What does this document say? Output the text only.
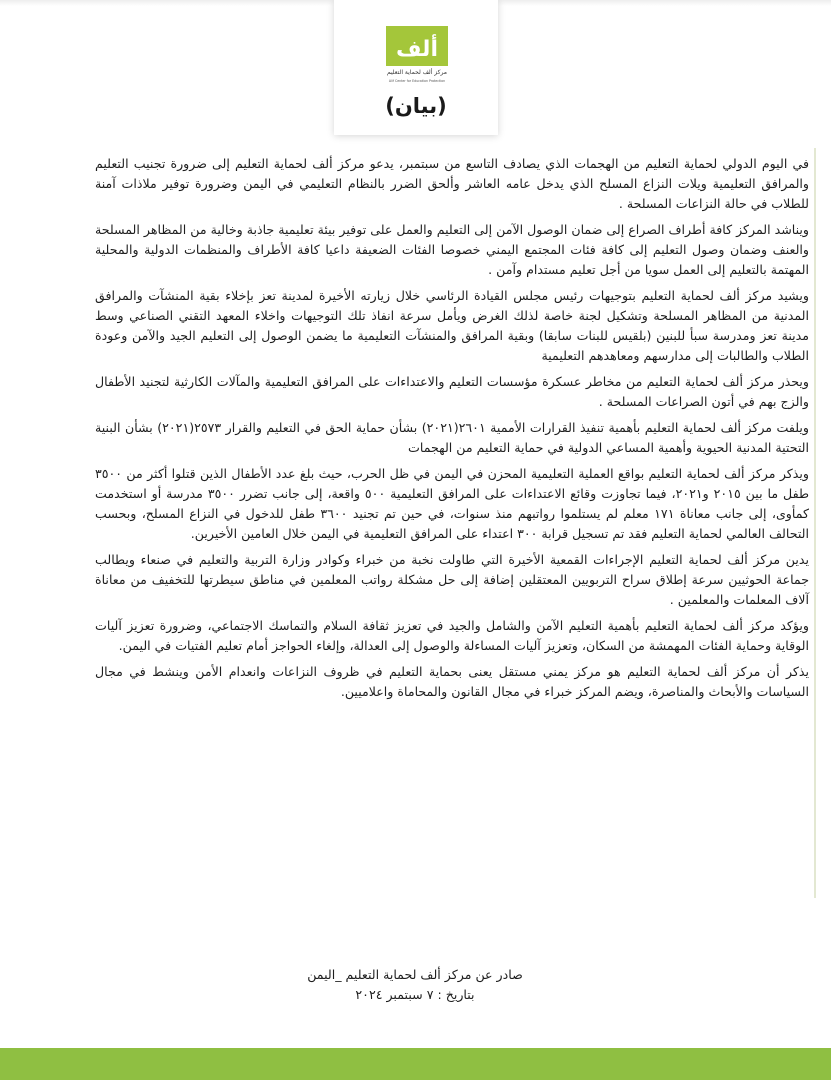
ألف
مركز ألف لحماية التعليم
Alif Center for Education Protection
(بيان)

في اليوم الدولي لحماية التعليم من الهجمات الذي يصادف التاسع من سبتمبر، يدعو مركز ألف لحماية التعليم إلى ضرورة تجنيب التعليم والمرافق التعليمية ويلات النزاع المسلح الذي يدخل عامه العاشر وألحق الضرر بالنظام التعليمي في اليمن وضرورة توفير ملاذات آمنة للطلاب في حالة النزاعات المسلحة .

ويناشد المركز كافة أطراف الصراع إلى ضمان الوصول الآمن إلى التعليم والعمل على توفير بيئة تعليمية جاذبة وخالية من المظاهر المسلحة والعنف وضمان وصول التعليم إلى كافة فئات المجتمع اليمني خصوصا الفئات الضعيفة داعيا كافة الأطراف والمنظمات الدولية والمحلية المهتمة بالتعليم إلى العمل سويا من أجل تعليم مستدام وآمن .

ويشيد مركز ألف لحماية التعليم بتوجيهات رئيس مجلس القيادة الرئاسي خلال زيارته الأخيرة لمدينة تعز بإخلاء بقية المنشآت والمرافق المدنية من المظاهر المسلحة وتشكيل لجنة خاصة لذلك الغرض ويأمل سرعة انفاذ تلك التوجيهات واخلاء المعهد التقني الصناعي وسط مدينة تعز ومدرسة سبأ للبنين (بلقيس للبنات سابقا) وبقية المرافق والمنشآت التعليمية ما يضمن الوصول إلى التعليم الجيد والآمن وعودة الطلاب والطالبات إلى مدارسهم ومعاهدهم التعليمية

ويحذر مركز ألف لحماية التعليم من مخاطر عسكرة مؤسسات التعليم والاعتداءات على المرافق التعليمية والمآلات الكارثية لتجنيد الأطفال والزج بهم في أتون الصراعات المسلحة .

ويلفت مركز ألف لحماية التعليم بأهمية تنفيذ القرارات الأممية ٢٦٠١(٢٠٢١) بشأن حماية الحق في التعليم والقرار ٢٥٧٣(٢٠٢١) بشأن البنية التحتية المدنية الحيوية وأهمية المساعي الدولية في حماية التعليم من الهجمات

ويذكر مركز ألف لحماية التعليم بواقع العملية التعليمية المحزن في اليمن في ظل الحرب، حيث بلغ عدد الأطفال الذين قتلوا أكثر من ٣٥٠٠ طفل ما بين ٢٠١٥ و٢٠٢١، فيما تجاوزت وقائع الاعتداءات على المرافق التعليمية ٥٠٠ واقعة، إلى جانب تضرر ٣٥٠٠ مدرسة أو استخدمت كمأوى، إلى جانب معاناة ١٧١ معلم لم يستلموا رواتبهم منذ سنوات، في حين تم تجنيد ٣٦٠٠ طفل للدخول في النزاع المسلح، وبحسب التحالف العالمي لحماية التعليم فقد تم تسجيل قرابة ٣٠٠ اعتداء على المرافق التعليمية في اليمن خلال العامين الأخيرين.

يدين مركز ألف لحماية التعليم الإجراءات القمعية الأخيرة التي طاولت نخبة من خبراء وكوادر وزارة التربية والتعليم في صنعاء ويطالب جماعة الحوثيين سرعة إطلاق سراح التربويين المعتقلين إضافة إلى حل مشكلة رواتب المعلمين في مناطق سيطرتها للتخفيف من معاناة آلاف المعلمات والمعلمين .

ويؤكد مركز ألف لحماية التعليم بأهمية التعليم الآمن والشامل والجيد في تعزيز ثقافة السلام والتماسك الاجتماعي، وضرورة تعزيز آليات الوقاية وحماية الفئات المهمشة من السكان، وتعزيز آليات المساءلة والوصول إلى العدالة، وإلغاء الحواجز أمام تعليم الفتيات في اليمن.

يذكر أن مركز ألف لحماية التعليم هو مركز يمني مستقل يعنى بحماية التعليم في ظروف النزاعات وانعدام الأمن وينشط في مجال السياسات والأبحاث والمناصرة، ويضم المركز خبراء في مجال القانون والمحاماة واعلاميين.

صادر عن مركز ألف لحماية التعليم _اليمن
بتاريخ : ٧ سبتمبر ٢٠٢٤
